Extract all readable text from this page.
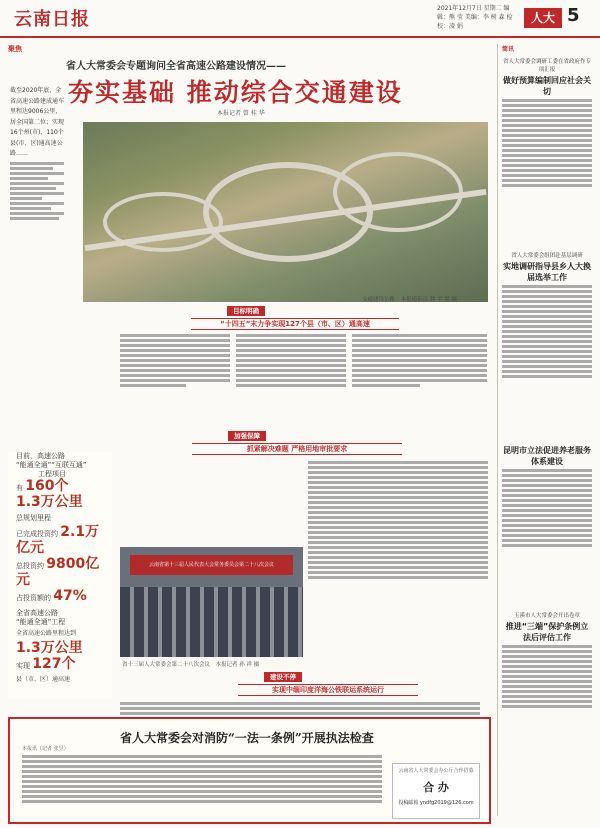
云南日报
2021年12月7日 星期二 编辑：熊 莹 美编：李 树 森 检校：凌 娟
人大 5
聚焦
省人大常委会专题询问全省高速公路建设情况——
夯实基础 推动综合交通建设
本报记者 曾 桂 华
截至2020年底，全省高速公路建成通车里程达9006公里，居全国第二位；实现16个州(市)、110个县(市、区)通高速公路……
交通建设公路　本报通讯员 韩 平 梁 摄
目标明确
“十四五”末力争实现127个县（市、区）通高速
加强保障
抓紧解决难题 严格用地审批要求
目前，高速公路
“能通全通”“互联互通”
工程项目
有 160个
1.3万公里
总规划里程
已完成投资约 2.1万亿元
总投资约 9800亿元
占投资额的 47%
全省高速公路
“能通全通”工程
全省高速公路里程达到
1.3万公里
实现 127个
县（市、区）通高速
云南省第十三届人民代表大会常务委员会第二十八次会议
省十三届人大常委会第二十八次会议　本报记者 孙 祥 摄
建设不停
实现中缅印度洋海公铁联运系统运行
简讯
省人大常委会调研工委在省政府作专项汇报
做好预算编制回应社会关切
省人大常委会组团赴基层调研
实地调研指导县乡人大换届选举工作
昆明市立法促进养老服务体系建设
玉溪市人大常委会开出卷章
推进“三端”保护条例立法后评估工作
省人大常委会对消防“一法一条例”开展执法检查
本报讯（记者 张昱）
云南省人大常委会办公厅合作招募
合 办
投稿邮箱 yndfg2019@126.com
